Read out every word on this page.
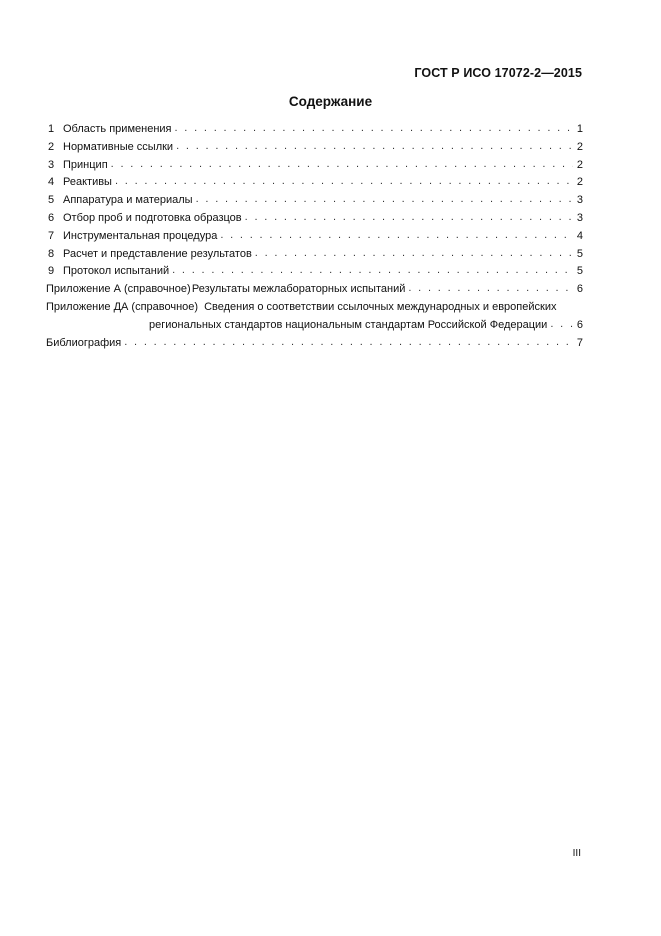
ГОСТ Р ИСО 17072-2—2015
Содержание
1 Область применения . . .	1
2 Нормативные ссылки . . .	2
3 Принцип . . .	2
4 Реактивы . . .	2
5 Аппаратура и материалы . . .	3
6 Отбор проб и подготовка образцов . . .	3
7 Инструментальная процедура . . .	4
8 Расчет и представление результатов . . .	5
9 Протокол испытаний . . .	5
Приложение А (справочное) Результаты межлабораторных испытаний . . .	6
Приложение ДА (справочное) Сведения о соответствии ссылочных международных и европейских
региональных стандартов национальным стандартам Российской Федерации . . .	6
Библиография . . .	7
III
